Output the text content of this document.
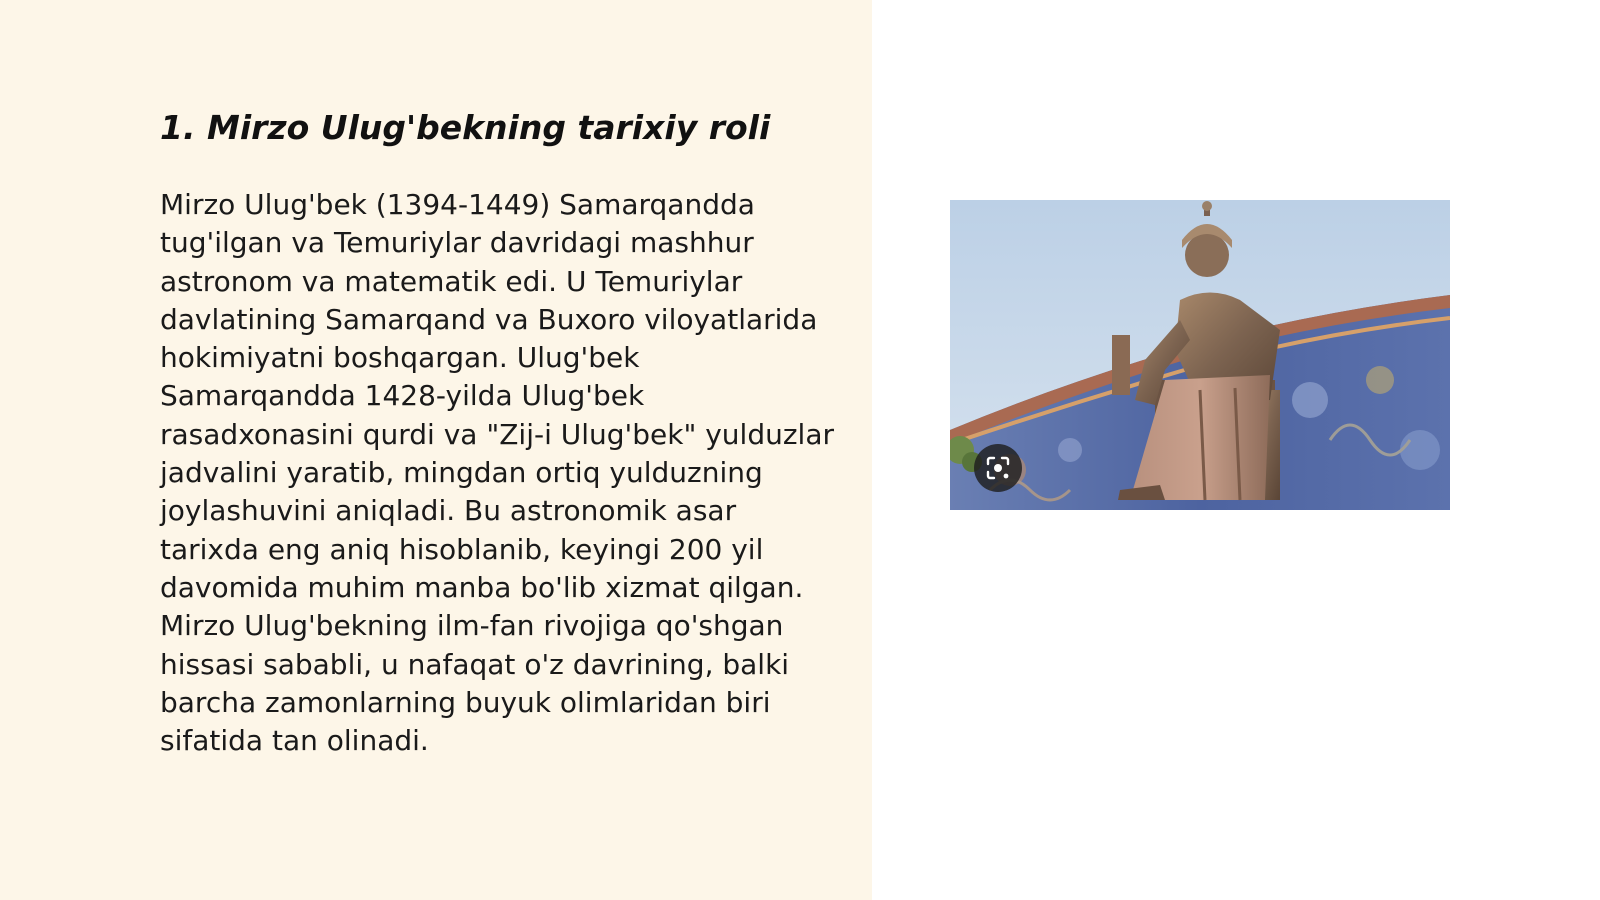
1. Mirzo Ulug'bekning tarixiy roli

Mirzo Ulug'bek (1394-1449) Samarqandda tug'ilgan va Temuriylar davridagi mashhur astronom va matematik edi. U Temuriylar davlatining Samarqand va Buxoro viloyatlarida hokimiyatni boshqargan. Ulug'bek Samarqandda 1428-yilda Ulug'bek rasadxonasini qurdi va "Zij-i Ulug'bek" yulduzlar jadvalini yaratib, mingdan ortiq yulduzning joylashuvini aniqladi. Bu astronomik asar tarixda eng aniq hisoblanib, keyingi 200 yil davomida muhim manba bo'lib xizmat qilgan. Mirzo Ulug'bekning ilm-fan rivojiga qo'shgan hissasi sababli, u nafaqat o'z davrining, balki barcha zamonlarning buyuk olimlaridan biri sifatida tan olinadi.
